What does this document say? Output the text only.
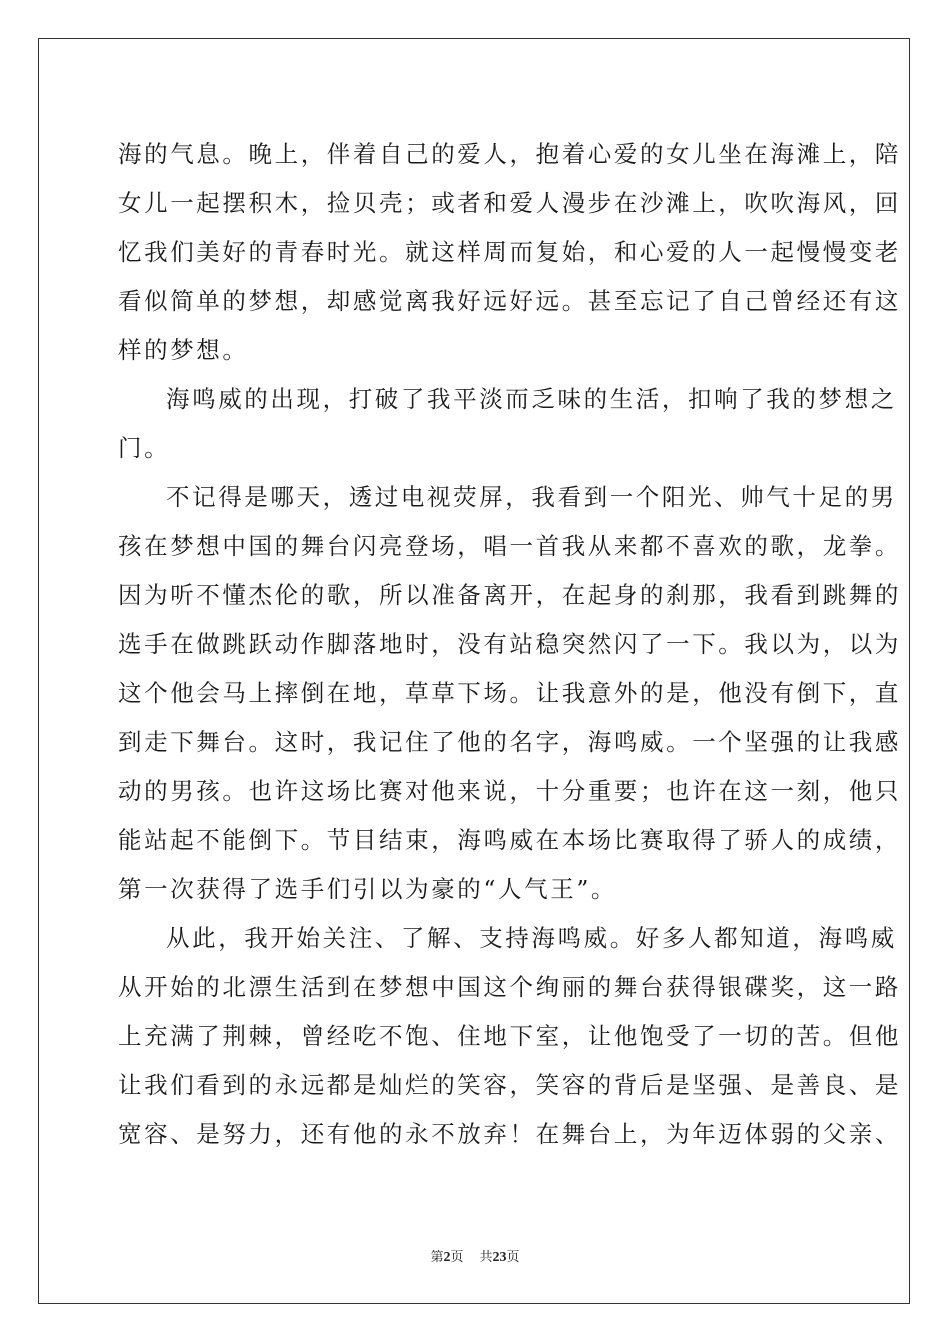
海的气息。晚上，伴着自己的爱人，抱着心爱的女儿坐在海滩上，陪
女儿一起摆积木，捡贝壳；或者和爱人漫步在沙滩上，吹吹海风，回
忆我们美好的青春时光。就这样周而复始，和心爱的人一起慢慢变老
看似简单的梦想，却感觉离我好远好远。甚至忘记了自己曾经还有这
样的梦想。
海鸣威的出现，打破了我平淡而乏味的生活，扣响了我的梦想之
门。
不记得是哪天，透过电视荧屏，我看到一个阳光、帅气十足的男
孩在梦想中国的舞台闪亮登场，唱一首我从来都不喜欢的歌，龙拳。
因为听不懂杰伦的歌，所以准备离开，在起身的刹那，我看到跳舞的
选手在做跳跃动作脚落地时，没有站稳突然闪了一下。我以为，以为
这个他会马上摔倒在地，草草下场。让我意外的是，他没有倒下，直
到走下舞台。这时，我记住了他的名字，海鸣威。一个坚强的让我感
动的男孩。也许这场比赛对他来说，十分重要；也许在这一刻，他只
能站起不能倒下。节目结束，海鸣威在本场比赛取得了骄人的成绩，
第一次获得了选手们引以为豪的“人气王”。
从此，我开始关注、了解、支持海鸣威。好多人都知道，海鸣威
从开始的北漂生活到在梦想中国这个绚丽的舞台获得银碟奖，这一路
上充满了荆棘，曾经吃不饱、住地下室，让他饱受了一切的苦。但他
让我们看到的永远都是灿烂的笑容，笑容的背后是坚强、是善良、是
宽容、是努力，还有他的永不放弃！在舞台上，为年迈体弱的父亲、
第2页 共23页
